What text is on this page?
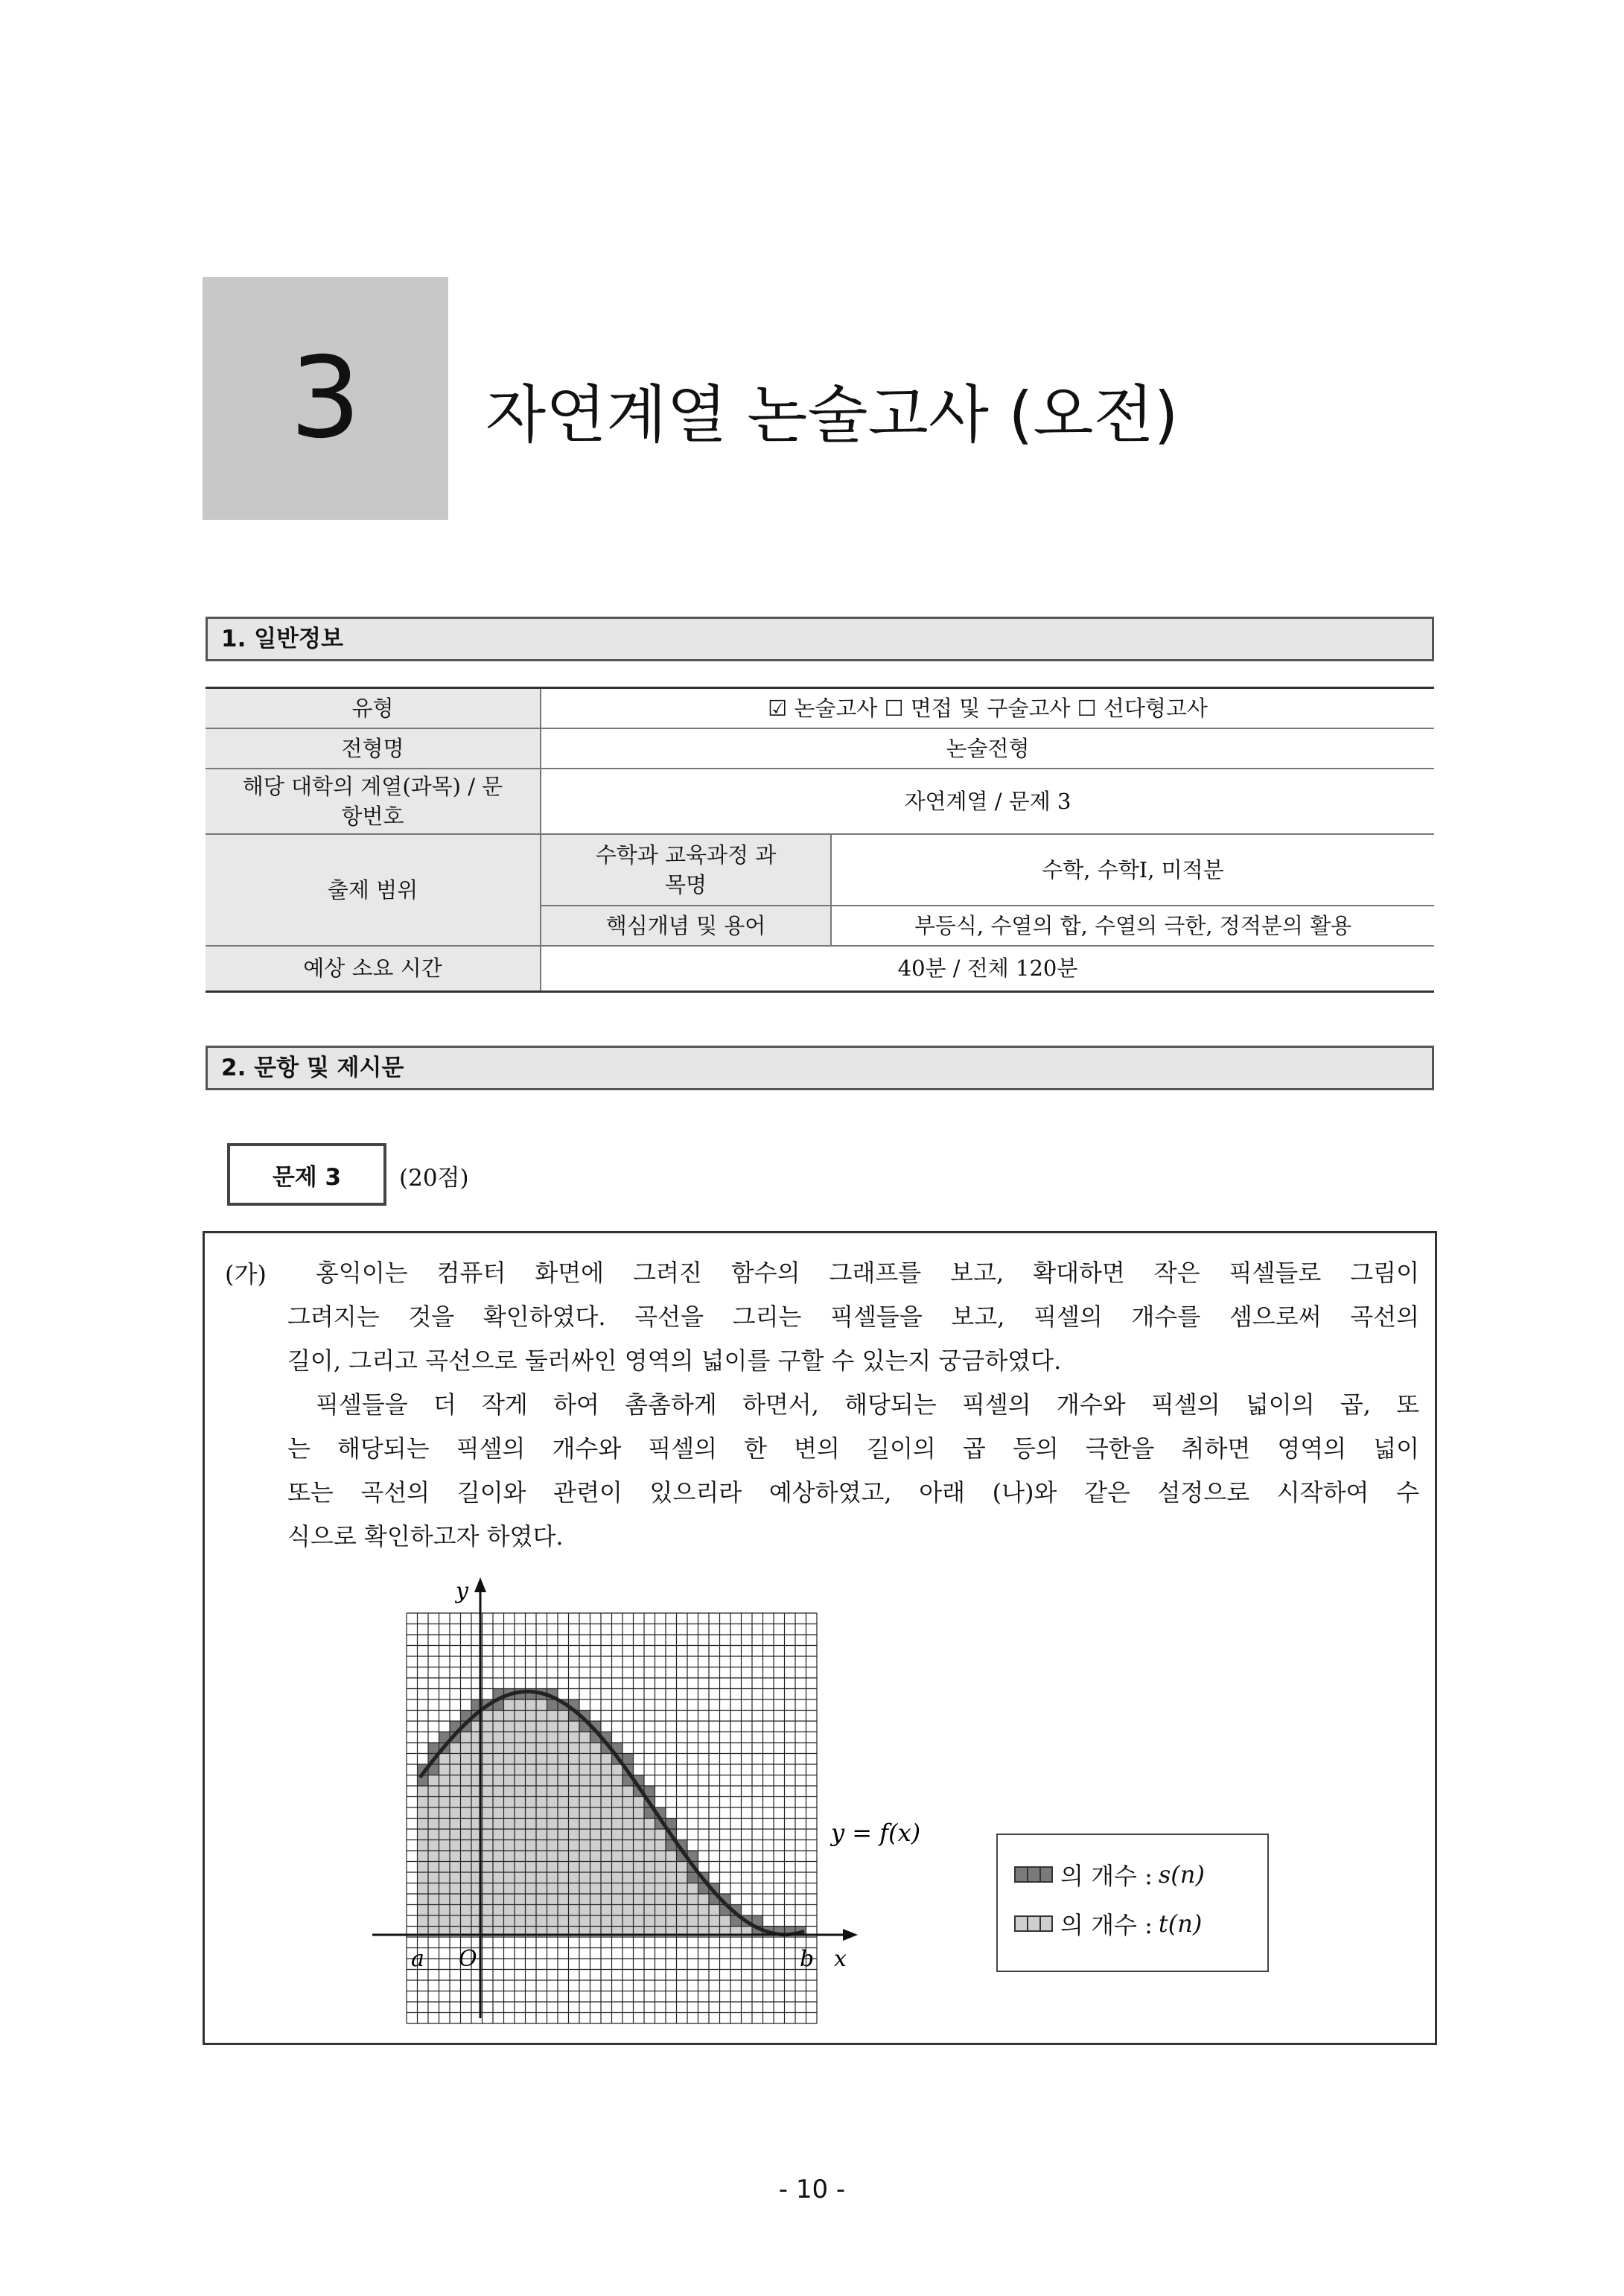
3	자연계열 논술고사 (오전)
1. 일반정보
유형	☑ 논술고사 ☐ 면접 및 구술고사 ☐ 선다형고사	
전형명	논술전형	
해당 대학의 계열(과목) / 문항번호	자연계열 / 문제 3	
출제 범위	수학과 교육과정 과목명	수학, 수학Ⅰ, 미적분
	핵심개념 및 용어	부등식, 수열의 합, 수열의 극한, 정적분의 활용
예상 소요 시간	40분 / 전체 120분	
2. 문항 및 제시문
문제 3	(20점)
(가)	홍익이는 컴퓨터 화면에 그려진 함수의 그래프를 보고, 확대하면 작은 픽셀들로 그림이
그려지는 것을 확인하였다. 곡선을 그리는 픽셀들을 보고, 픽셀의 개수를 셈으로써 곡선의
길이, 그리고 곡선으로 둘러싸인 영역의 넓이를 구할 수 있는지 궁금하였다.
픽셀들을 더 작게 하여 촘촘하게 하면서, 해당되는 픽셀의 개수와 픽셀의 넓이의 곱, 또
는 해당되는 픽셀의 개수와 픽셀의 한 변의 길이의 곱 등의 극한을 취하면 영역의 넓이
또는 곡선의 길이와 관련이 있으리라 예상하였고, 아래 (나)와 같은 설정으로 시작하여 수
식으로 확인하고자 하였다.
y
x
O
a	b
y = f(x)
의 개수 : s(n)
의 개수 : t(n)
- 10 -
